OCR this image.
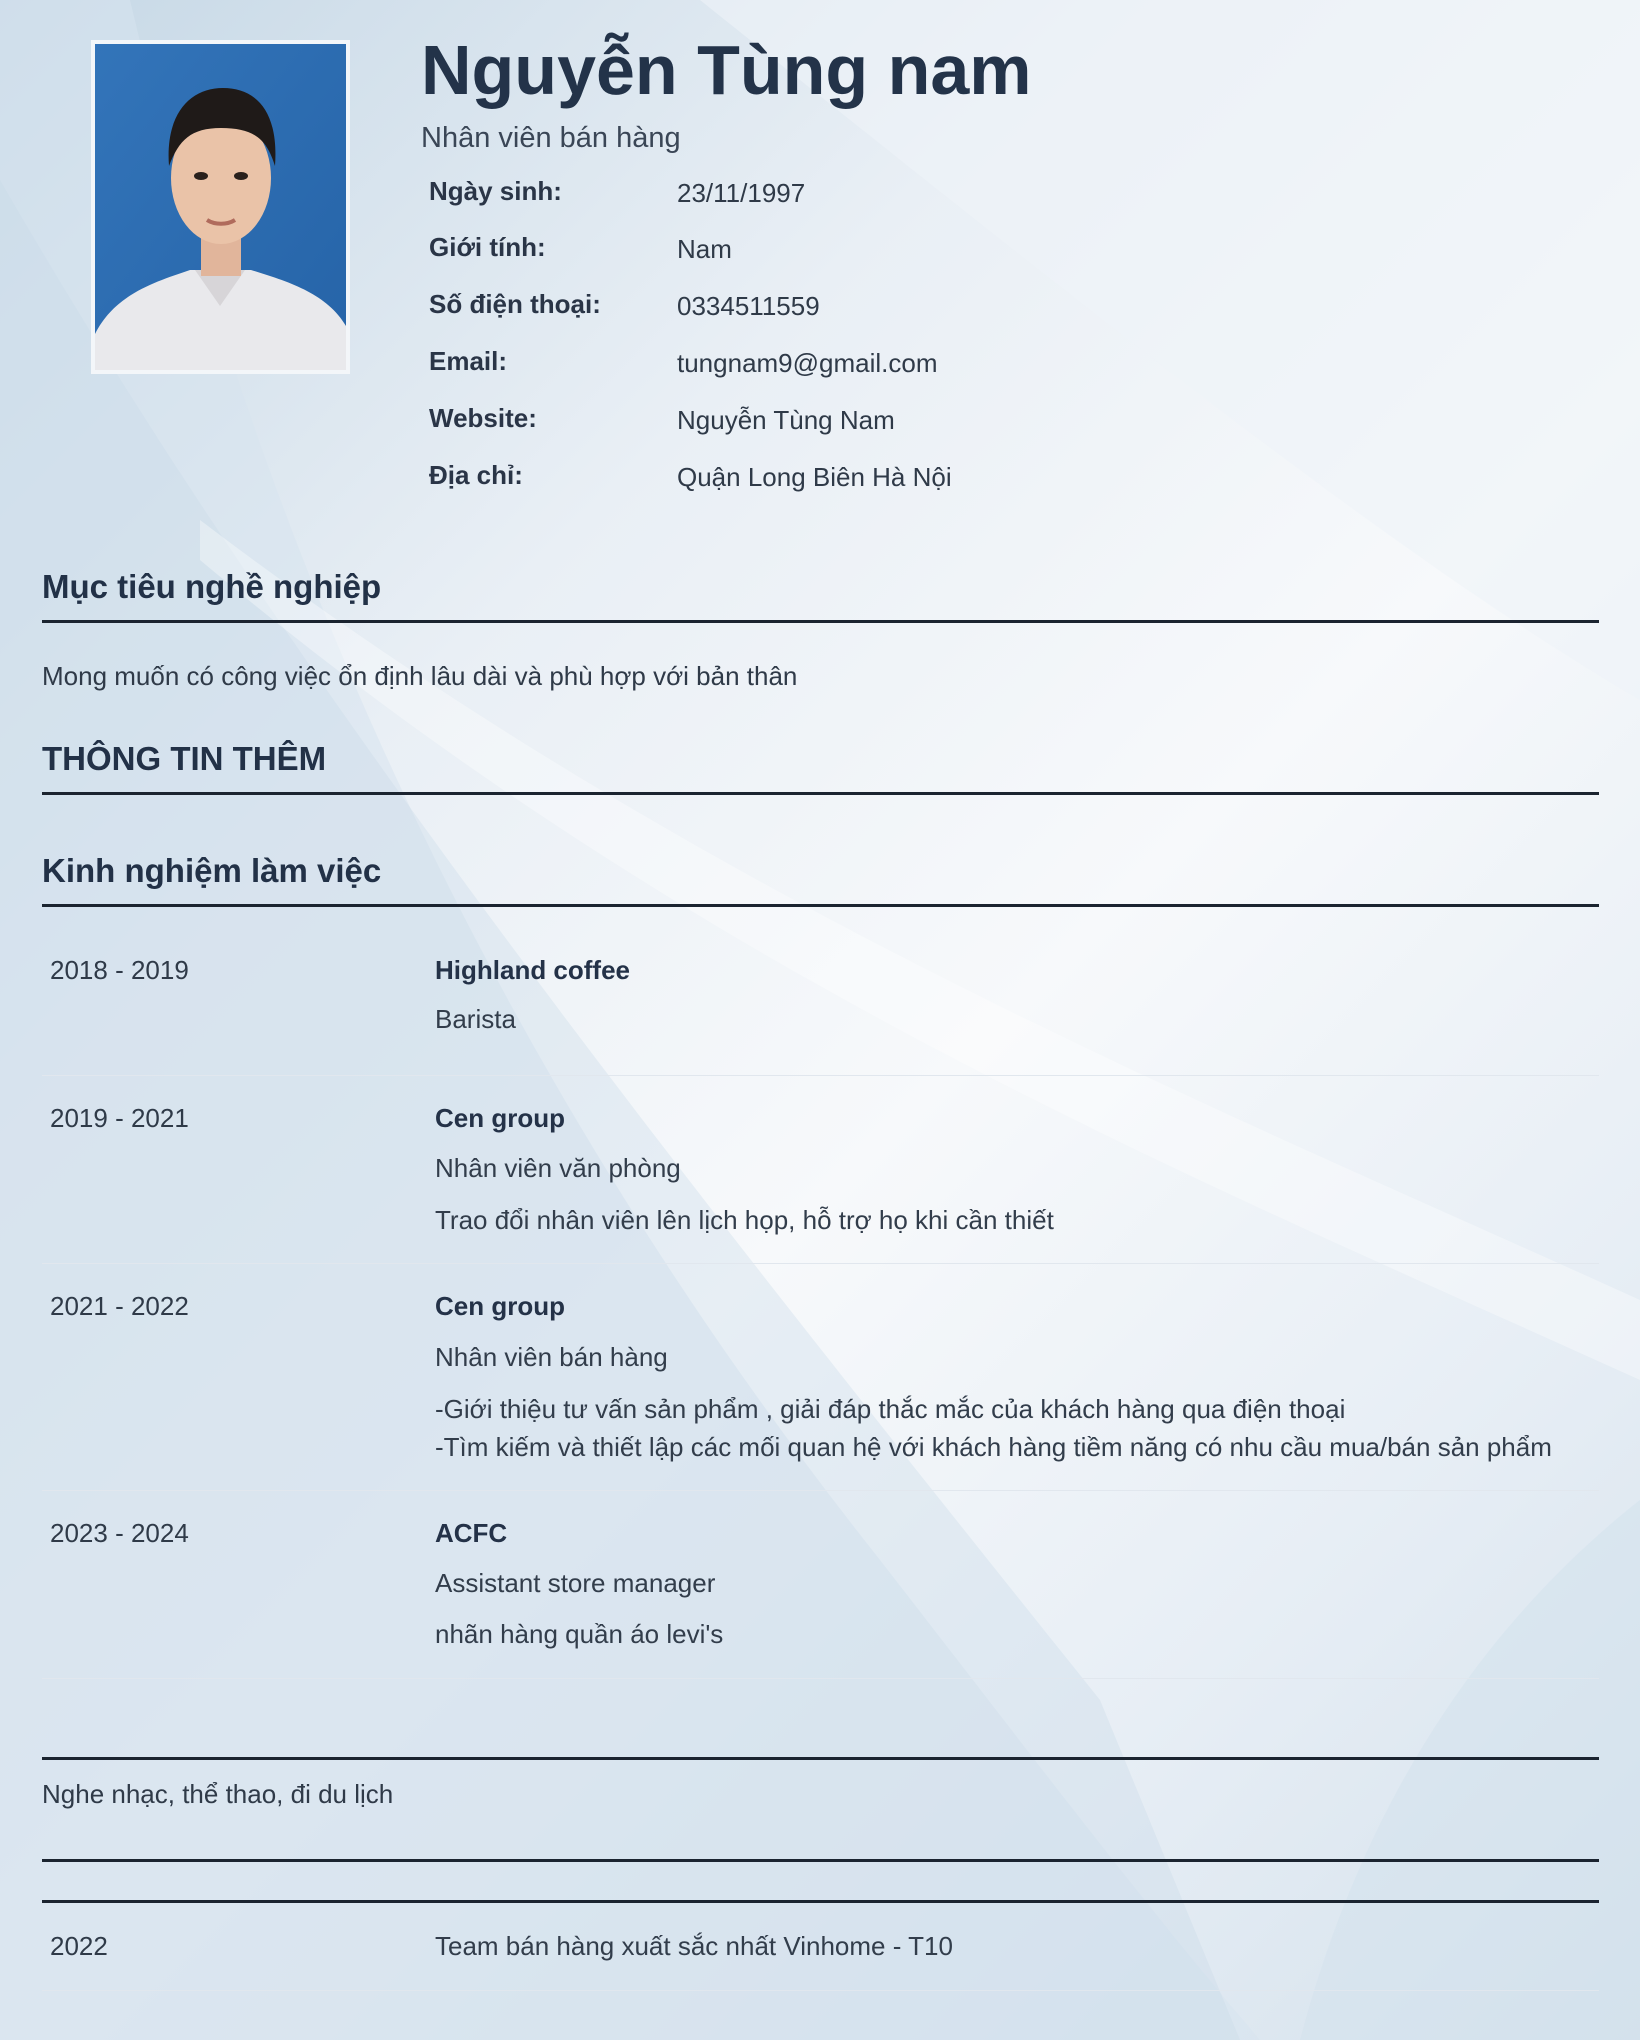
Nguyễn Tùng nam
Nhân viên bán hàng
Ngày sinh:	23/11/1997
Giới tính:	Nam
Số điện thoại:	0334511559
Email:	tungnam9@gmail.com
Website:	Nguyễn Tùng Nam
Địa chỉ:	Quận Long Biên Hà Nội
Mục tiêu nghề nghiệp
Mong muốn có công việc ổn định lâu dài và phù hợp với bản thân
THÔNG TIN THÊM
Kinh nghiệm làm việc
2018 - 2019	Highland coffee
Barista
2019 - 2021	Cen group
Nhân viên văn phòng
Trao đổi nhân viên lên lịch họp, hỗ trợ họ khi cần thiết
2021 - 2022	Cen group
Nhân viên bán hàng
-Giới thiệu tư vấn sản phẩm , giải đáp thắc mắc của khách hàng qua điện thoại
-Tìm kiếm và thiết lập các mối quan hệ với khách hàng tiềm năng có nhu cầu mua/bán sản phẩm
2023 - 2024	ACFC
Assistant store manager
nhãn hàng quần áo levi's
Nghe nhạc, thể thao, đi du lịch
2022	Team bán hàng xuất sắc nhất Vinhome - T10
